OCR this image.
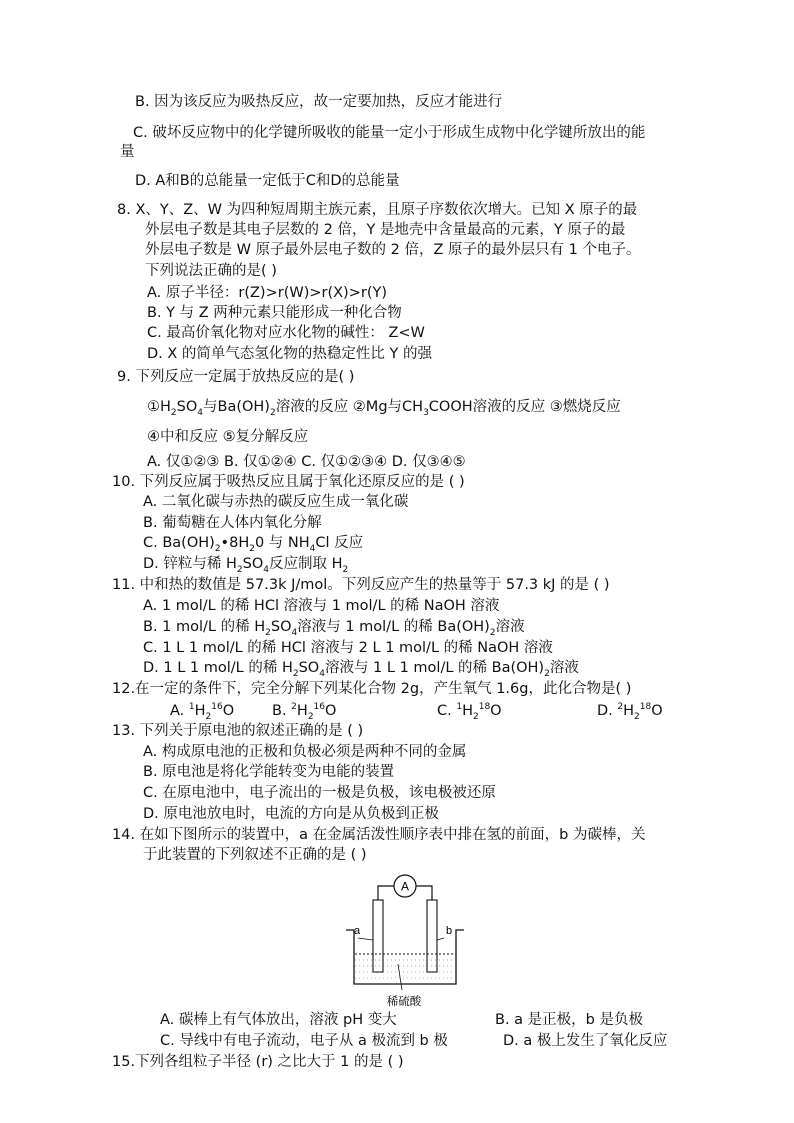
B. 因为该反应为吸热反应，故一定要加热，反应才能进行
C. 破坏反应物中的化学键所吸收的能量一定小于形成生成物中化学键所放出的能
量
D. A和B的总能量一定低于C和D的总能量
8. X、Y、Z、W 为四种短周期主族元素，且原子序数依次增大。已知 X 原子的最
外层电子数是其电子层数的 2 倍，Y 是地壳中含量最高的元素，Y 原子的最
外层电子数是 W 原子最外层电子数的 2 倍，Z 原子的最外层只有 1 个电子。
下列说法正确的是( )
A. 原子半径：r(Z)>r(W)>r(X)>r(Y)
B. Y 与 Z 两种元素只能形成一种化合物
C. 最高价氧化物对应水化物的碱性： Z<W
D. X 的简单气态氢化物的热稳定性比 Y 的强
9. 下列反应一定属于放热反应的是( )
$①H_2SO_4$与$Ba(OH)_2$溶液的反应 ②Mg与$CH_3COOH$溶液的反应 ③燃烧反应
④中和反应 ⑤复分解反应
A. 仅①②③ B. 仅①②④ C. 仅①②③④ D. 仅③④⑤
10. 下列反应属于吸热反应且属于氧化还原反应的是 ( )
A. 二氧化碳与赤热的碳反应生成一氧化碳
B. 葡萄糖在人体内氧化分解
C. $Ba(OH)_2•8H_20$ 与 $NH_4Cl$ 反应
D. 锌粒与稀 $H_2SO_4$反应制取 $H_2$
11. 中和热的数值是 57.3k J/mol。下列反应产生的热量等于 57.3 kJ 的是 ( )
A. 1 mol/L 的稀 HCl 溶液与 1 mol/L 的稀 NaOH 溶液
B. 1 mol/L 的稀 $H_2SO_4$溶液与 1 mol/L 的稀 $Ba(OH)_2$溶液
C. 1 L 1 mol/L 的稀 HCl 溶液与 2 L 1 mol/L 的稀 NaOH 溶液
D. 1 L 1 mol/L 的稀 $H_2SO_4$溶液与 1 L 1 mol/L 的稀 $Ba(OH)_2$溶液
12.在一定的条件下，完全分解下列某化合物 2g，产生氧气 1.6g，此化合物是( )
A. $^1H_2^{16}O$	B. $^2H_2^{16}O$	C. $^1H_2^{18}O$	D. $^2H_2^{18}O$
13. 下列关于原电池的叙述正确的是 ( )
A. 构成原电池的正极和负极必须是两种不同的金属
B. 原电池是将化学能转变为电能的装置
C. 在原电池中，电子流出的一极是负极，该电极被还原
D. 原电池放电时，电流的方向是从负极到正极
14. 在如下图所示的装置中，a 在金属活泼性顺序表中排在氢的前面，b 为碳棒，关
于此装置的下列叙述不正确的是 ( )
A
a	b
稀硫酸
A. 碳棒上有气体放出，溶液 pH 变大	B. a 是正极，b 是负极
C. 导线中有电子流动，电子从 a 极流到 b 极	D. a 极上发生了氧化反应
15.下列各组粒子半径 (r) 之比大于 1 的是 ( )
